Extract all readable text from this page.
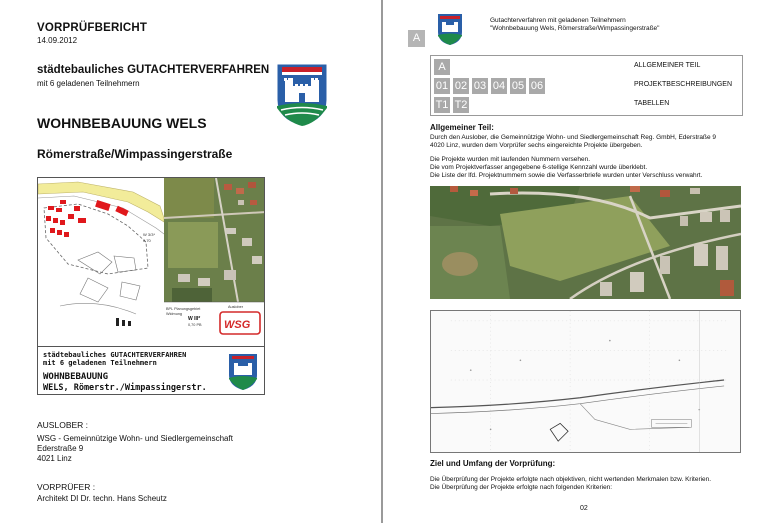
VORPRÜFBERICHT
14.09.2012
städtebauliches GUTACHTERVERFAHREN
mit 6 geladenen Teilnehmern
WOHNBEBAUUNG WELS
Römerstraße/Wimpassingerstraße
W 3/3*
0,70
BPL Planungsgebiet
Widmung
W III*
0,70 PB
Auslober
WSG
städtebauliches GUTACHTERVERFAHREN
mit 6 geladenen Teilnehmern
WOHNBEBAUUNG
WELS, Römerstr./Wimpassingerstr.
AUSLOBER :
WSG - Gemeinnützige Wohn- und Siedlergemeinschaft
Ederstraße 9
4021 Linz
VORPRÜFER :
Architekt DI Dr. techn. Hans Scheutz
Gutachterverfahren mit geladenen Teilnehmern
"Wohnbebauung Wels, Römerstraße/Wimpassingerstraße"
A
A	ALLGEMEINER TEIL
01 02 03 04 05 06	PROJEKTBESCHREIBUNGEN
T1 T2	TABELLEN
Allgemeiner Teil:
Durch den Auslober, die Gemeinnützige Wohn- und Siedlergemeinschaft Reg. GmbH, Ederstraße 9
4020 Linz, wurden dem Vorprüfer sechs eingereichte Projekte übergeben.
Die Projekte wurden mit laufenden Nummern versehen.
Die vom Projektverfasser angegebene 6-stellige Kennzahl wurde überklebt.
Die Liste der lfd. Projektnummern sowie die Verfasserbriefe wurden unter Verschluss verwahrt.
Ziel und Umfang der Vorprüfung:
Die Überprüfung der Projekte erfolgte nach objektiven, nicht wertenden Merkmalen bzw. Kriterien.
Die Überprüfung der Projekte erfolgte nach folgenden Kriterien:
02
